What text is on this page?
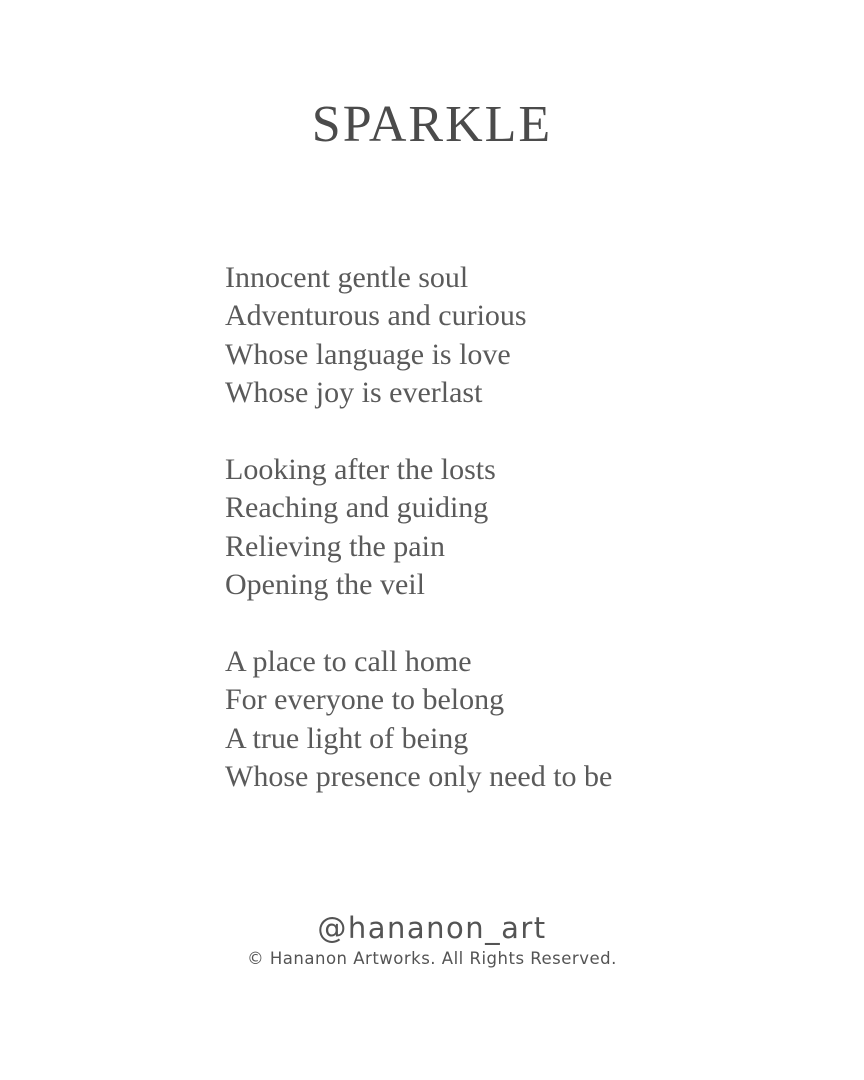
SPARKLE
Innocent gentle soul
Adventurous and curious
Whose language is love
Whose joy is everlast
Looking after the losts
Reaching and guiding
Relieving the pain
Opening the veil
A place to call home
For everyone to belong
A true light of being
Whose presence only need to be
@hananon_art
© Hananon Artworks. All Rights Reserved.
